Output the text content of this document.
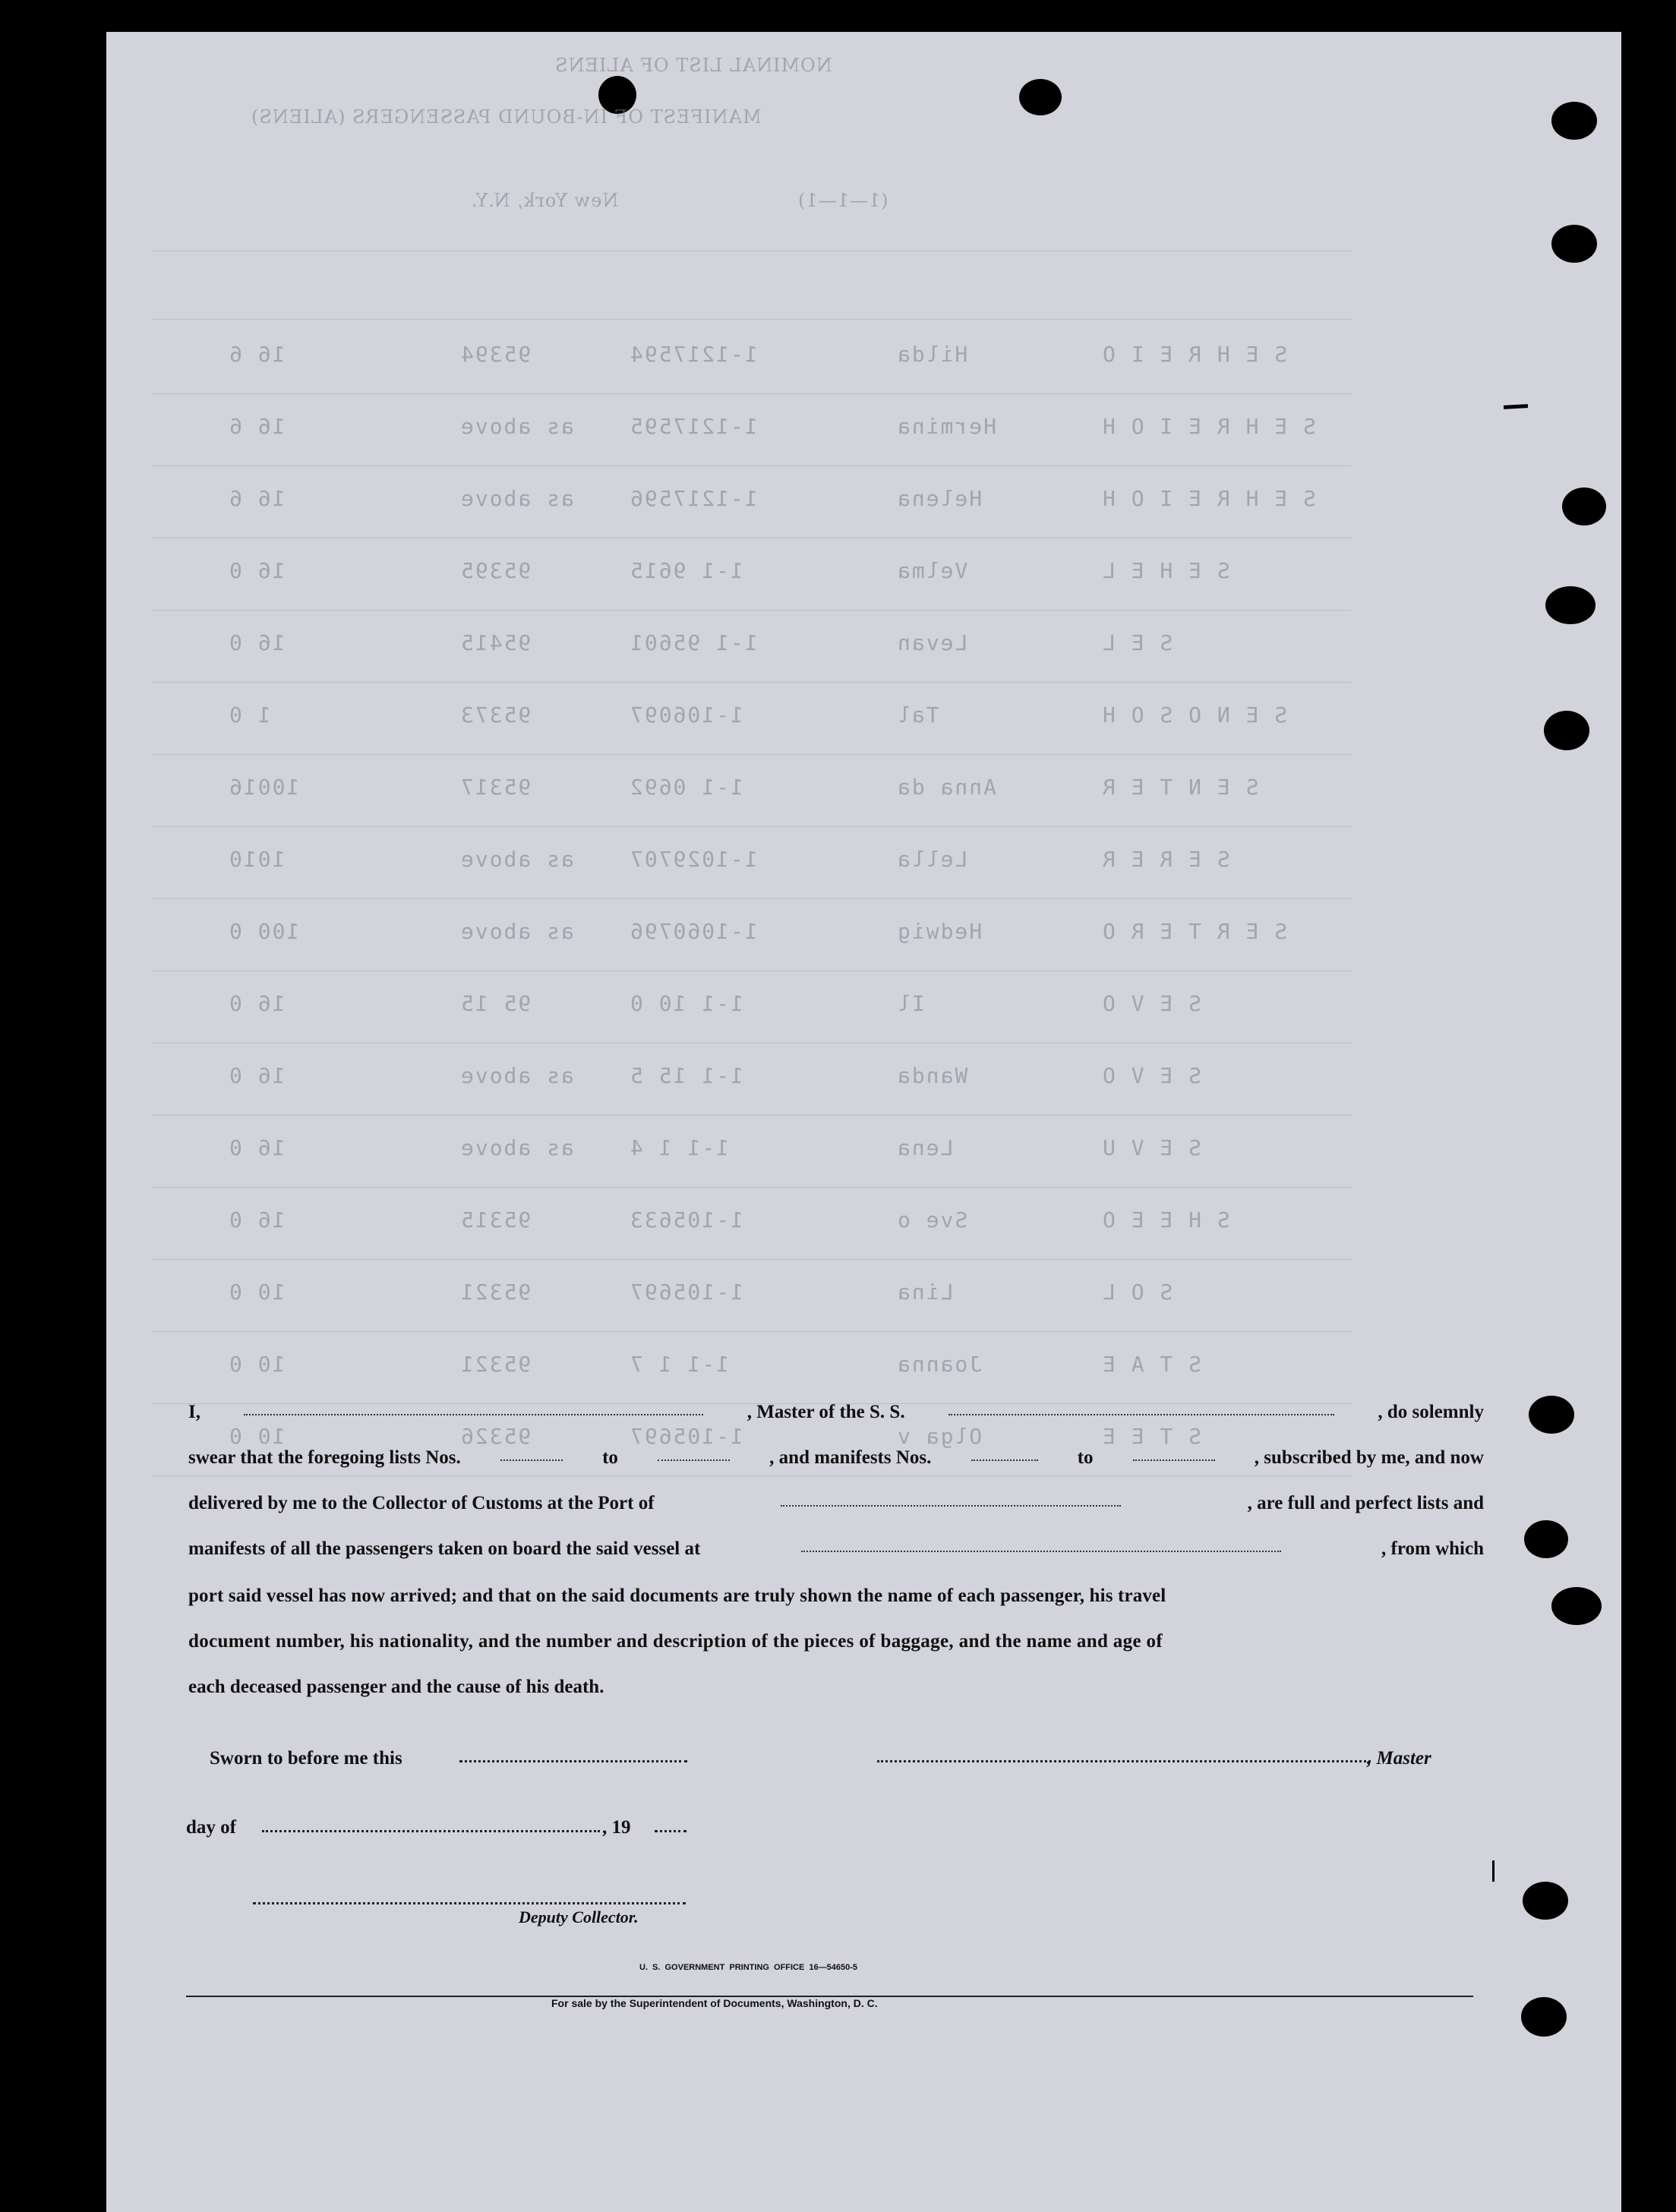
NOMINAL LIST OF ALIENS
MANIFEST OF IN-BOUND PASSENGERS (ALIENS)
New York, N.Y.	(1—1—1)
16 6	95394	1-1217594	Hilda	S E H R E I O
16 6	as above	1-1217595	Hermina	S E H R E I O H
16 6	as above	1-1217596	Helena	S E H R E I O H
16 0	95395	1-1 9615	Velma	S E H E L
16 0	95415	1-1 95601	Levan	S E L
1 0	95373	1-106097	Tal	S E N O S O H
10016	95317	1-1 0692	Anna da	S E N T E R
1010	as above	1-1029707	Lella	S E R E R
100 0	as above	1-1060796	Hedwig	S E R T E R O
16 0	95 15	1-1 10 0	Il	S E V O
16 0	as above	1-1 15 5	Wanda	S E V O
16 0	as above	1-1 1 4	Lena	S E V U
16 0	95315	1-105633	Sve o	S H E E O
10 0	95321	1-105697	Lina	S O L
10 0	95321	1-1 1 7	Joanna	S T A E
10 0	95326	1-105697	Olga v	S T E E
I,	, Master of the S. S.	, do solemnly
swear that the foregoing lists Nos.	to	, and manifests Nos.	to	, subscribed by me, and now
delivered by me to the Collector of Customs at the Port of	, are full and perfect lists and
manifests of all the passengers taken on board the said vessel at	, from which
port said vessel has now arrived; and that on the said documents are truly shown the name of each passenger, his travel
document number, his nationality, and the number and description of the pieces of baggage, and the name and age of
each deceased passenger and the cause of his death.
Sworn to before me this	, Master
day of	, 19
Deputy Collector.
U. S. GOVERNMENT PRINTING OFFICE 16—54650-5
For sale by the Superintendent of Documents, Washington, D. C.
